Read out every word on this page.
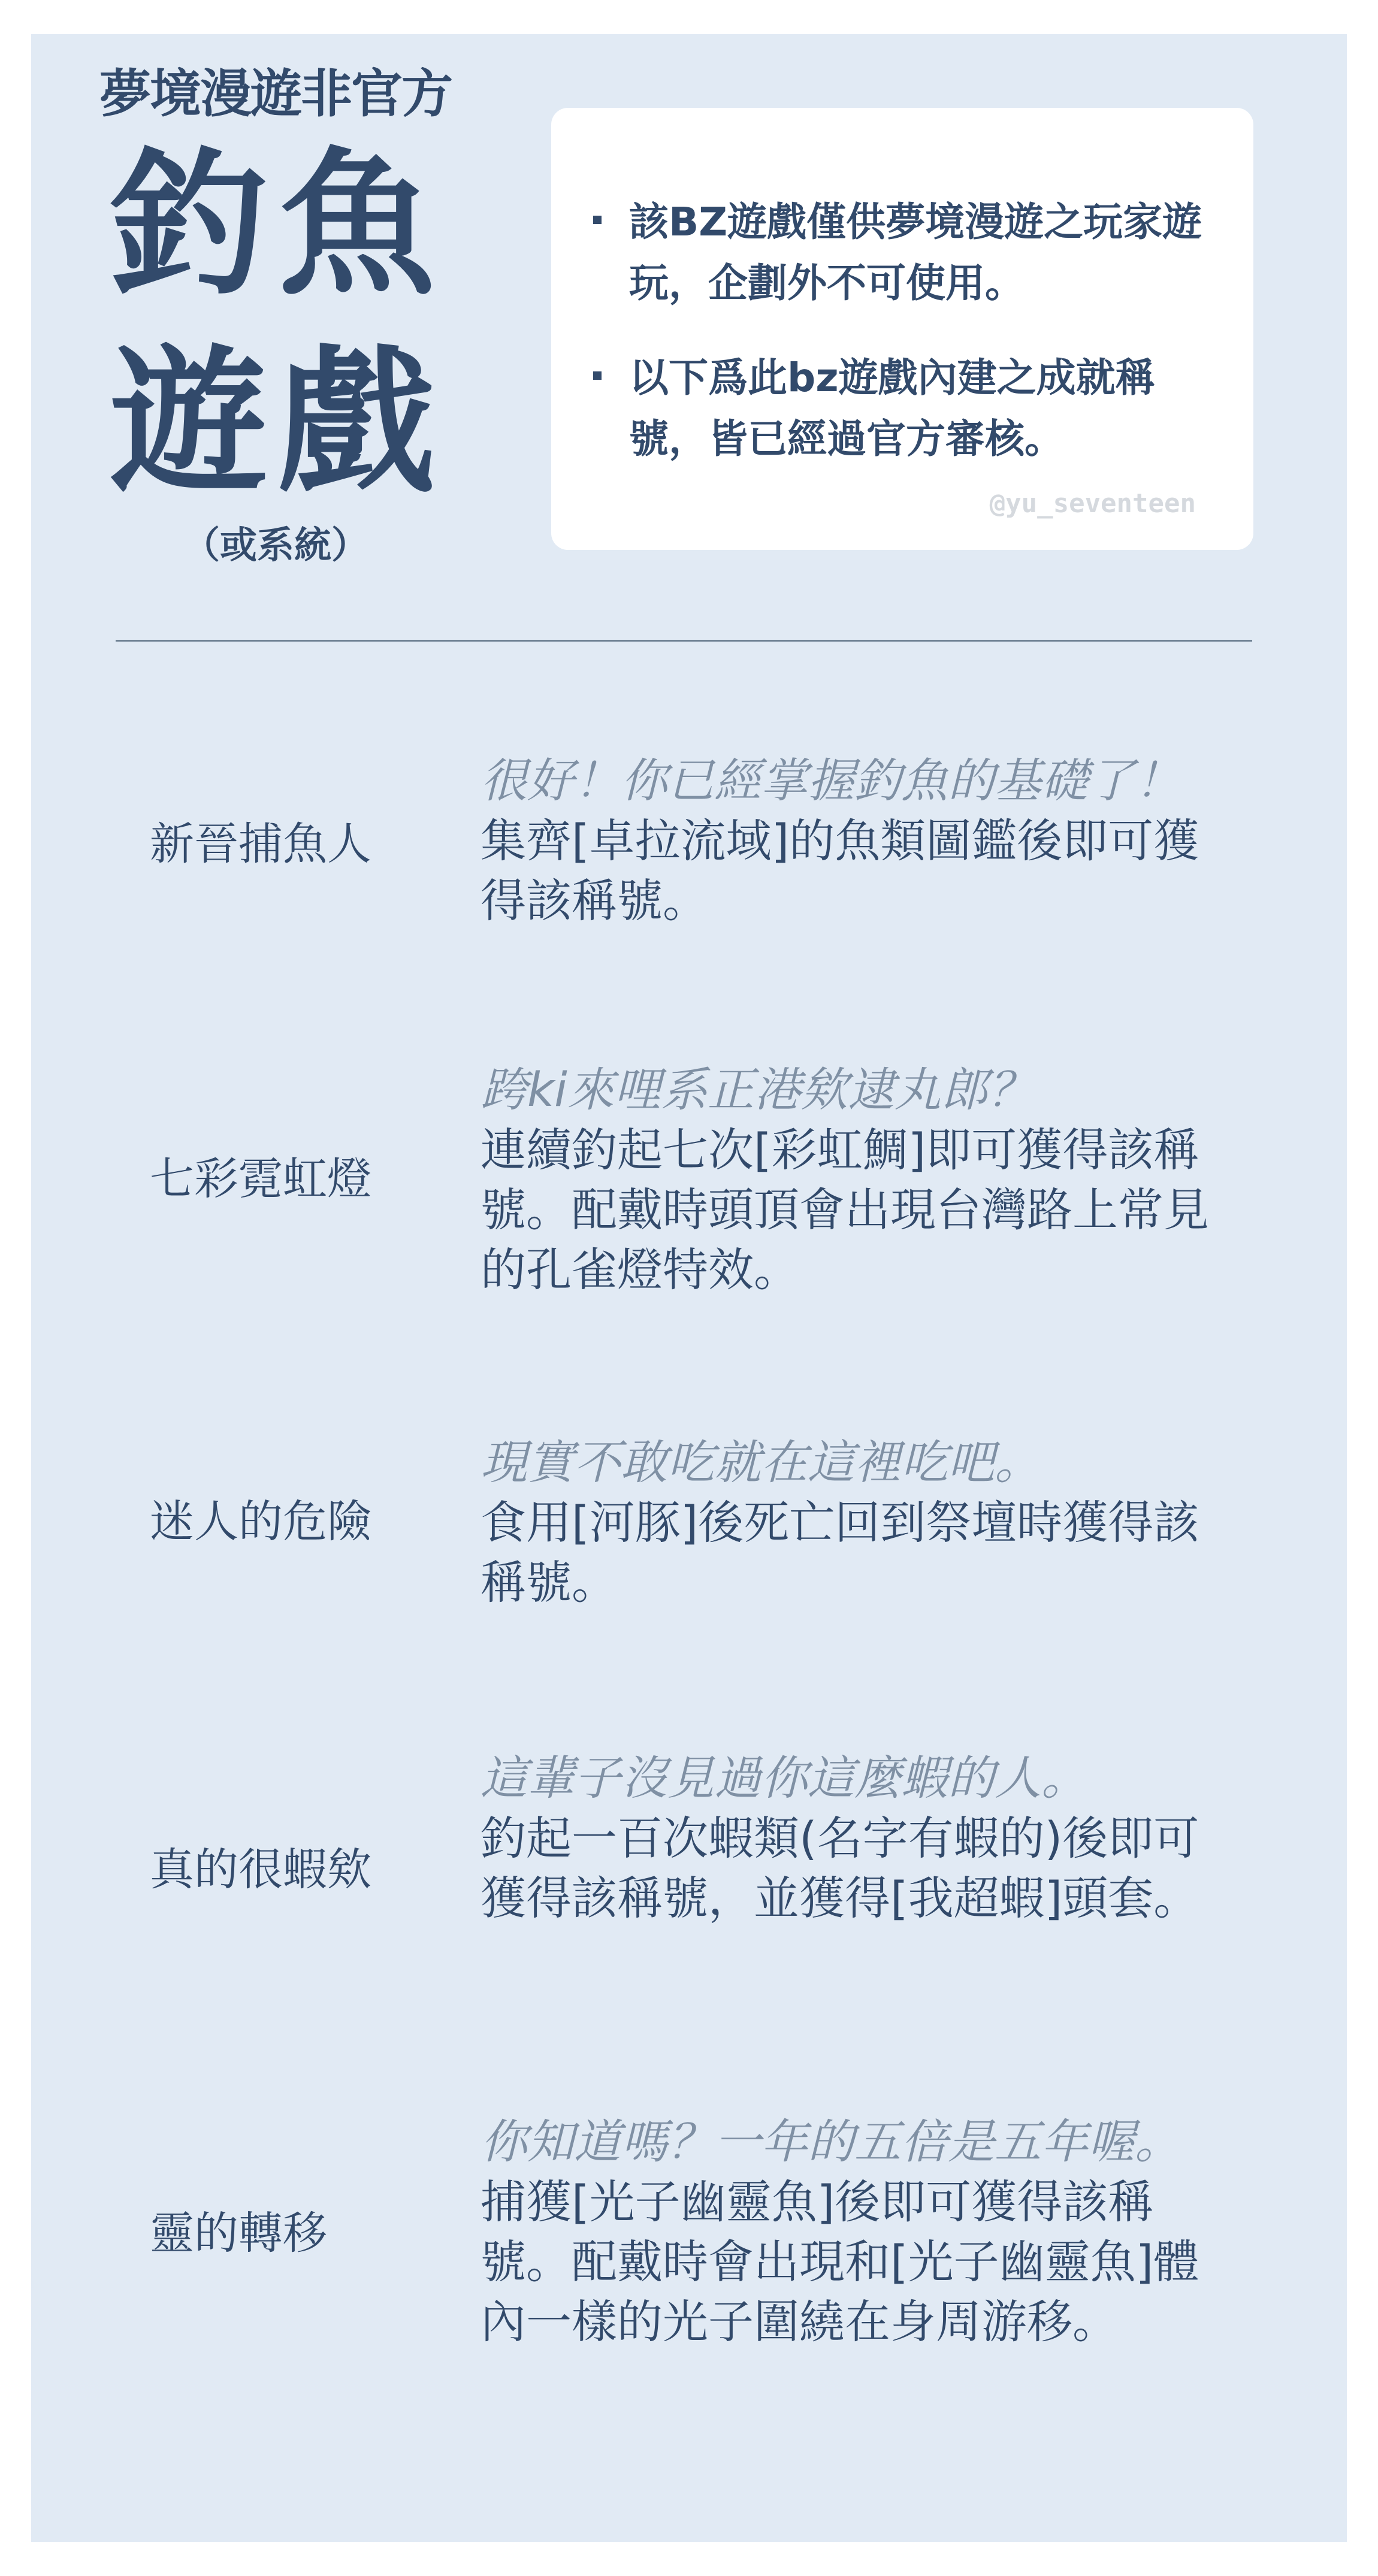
夢境漫遊非官方
釣魚
遊戲
（或系統）
該BZ遊戲僅供夢境漫遊之玩家遊玩，企劃外不可使用。
以下爲此bz遊戲內建之成就稱號，皆已經過官方審核。
@yu_seventeen
新晉捕魚人
很好！你已經掌握釣魚的基礎了！
集齊[卓拉流域]的魚類圖鑑後即可獲得該稱號。
七彩霓虹燈
跨ki來哩系正港欸逮丸郎？
連續釣起七次[彩虹鯛]即可獲得該稱號。配戴時頭頂會出現台灣路上常見的孔雀燈特效。
迷人的危險
現實不敢吃就在這裡吃吧。
食用[河豚]後死亡回到祭壇時獲得該稱號。
真的很蝦欸
這輩子沒見過你這麼蝦的人。
釣起一百次蝦類(名字有蝦的)後即可獲得該稱號，並獲得[我超蝦]頭套。
靈的轉移
你知道嗎？一年的五倍是五年喔。
捕獲[光子幽靈魚]後即可獲得該稱號。配戴時會出現和[光子幽靈魚]體內一樣的光子圍繞在身周游移。
